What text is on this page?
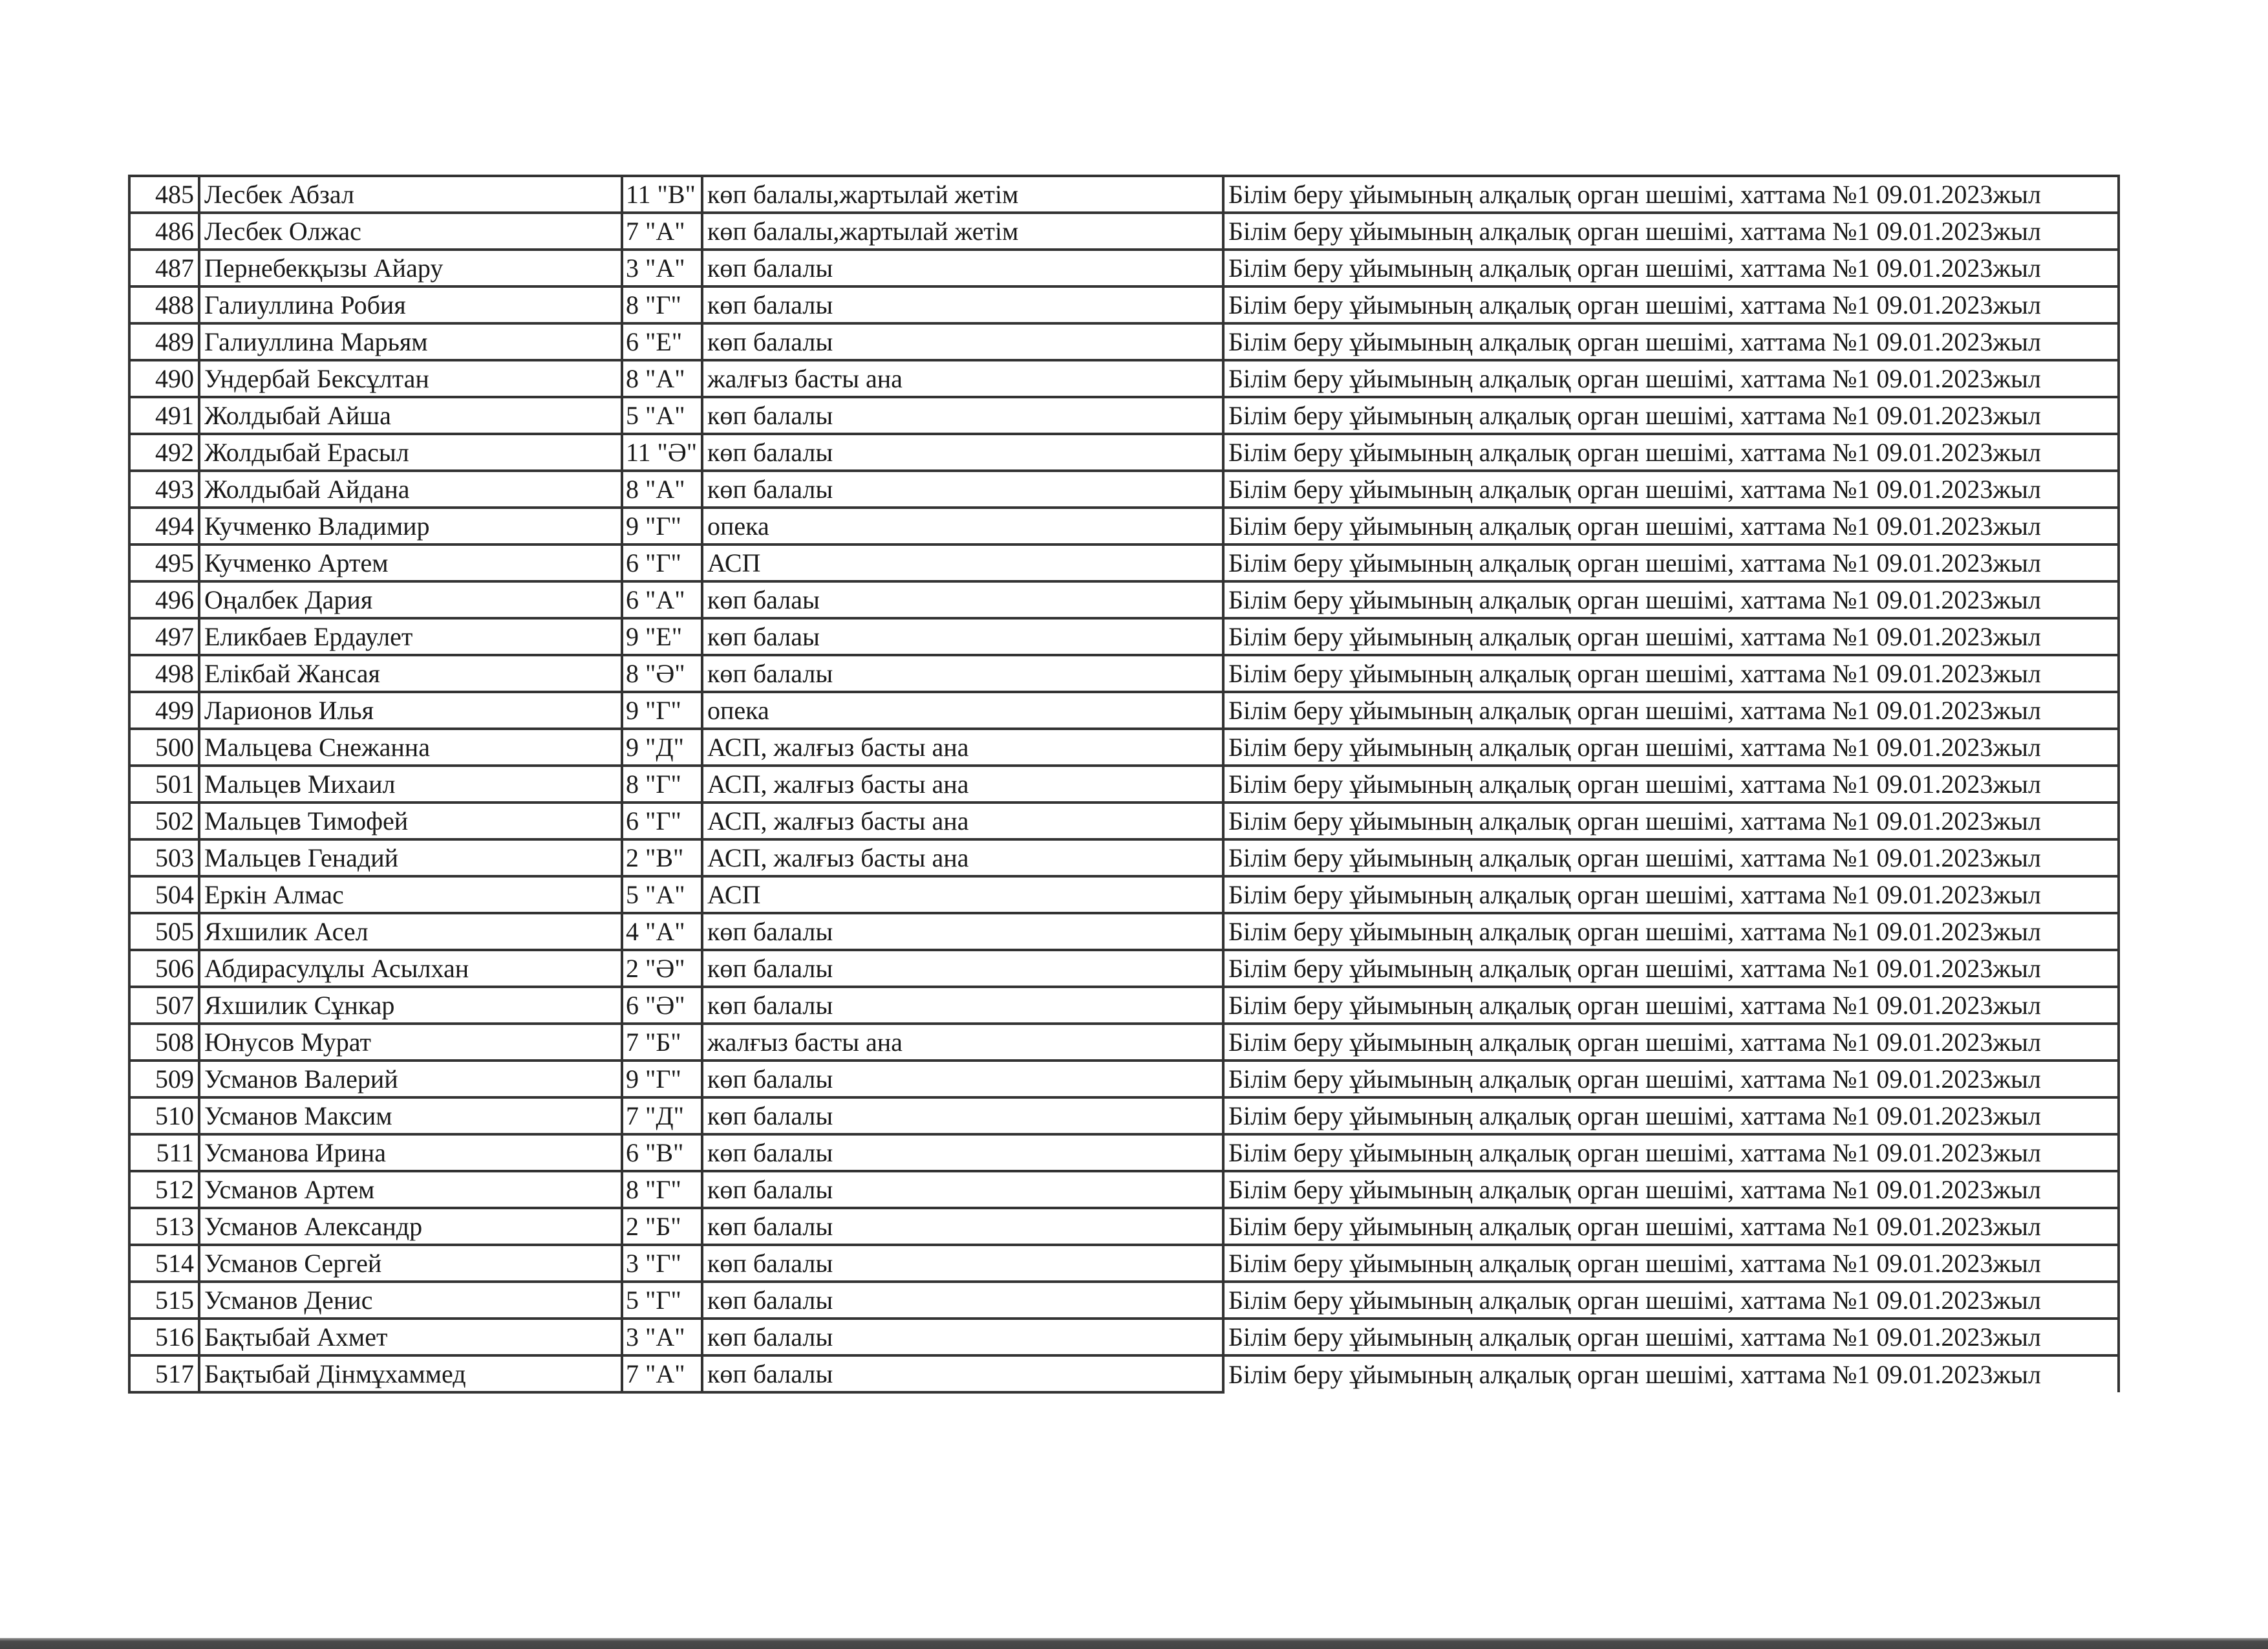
485	Лесбек Абзал	11 "В"	көп балалы,жартылай жетім	Білім беру ұйымының алқалық орган шешімі, хаттама №1 09.01.2023жыл
486	Лесбек Олжас	7 "А"	көп балалы,жартылай жетім	Білім беру ұйымының алқалық орган шешімі, хаттама №1 09.01.2023жыл
487	Пернебекқызы Айару	3 "А"	көп балалы	Білім беру ұйымының алқалық орган шешімі, хаттама №1 09.01.2023жыл
488	Галиуллина Робия	8 "Г"	көп балалы	Білім беру ұйымының алқалық орган шешімі, хаттама №1 09.01.2023жыл
489	Галиуллина Марьям	6 "Е"	көп балалы	Білім беру ұйымының алқалық орган шешімі, хаттама №1 09.01.2023жыл
490	Ундербай Бексұлтан	8 "А"	жалғыз басты ана	Білім беру ұйымының алқалық орган шешімі, хаттама №1 09.01.2023жыл
491	Жолдыбай Айша	5 "А"	көп балалы	Білім беру ұйымының алқалық орган шешімі, хаттама №1 09.01.2023жыл
492	Жолдыбай Ерасыл	11 "Ә"	көп балалы	Білім беру ұйымының алқалық орган шешімі, хаттама №1 09.01.2023жыл
493	Жолдыбай Айдана	8 "А"	көп балалы	Білім беру ұйымының алқалық орган шешімі, хаттама №1 09.01.2023жыл
494	Кучменко Владимир	9 "Г"	опека	Білім беру ұйымының алқалық орган шешімі, хаттама №1 09.01.2023жыл
495	Кучменко Артем	6 "Г"	АСП	Білім беру ұйымының алқалық орган шешімі, хаттама №1 09.01.2023жыл
496	Оңалбек Дария	6 "А"	көп балаы	Білім беру ұйымының алқалық орган шешімі, хаттама №1 09.01.2023жыл
497	Еликбаев Ердаулет	9 "Е"	көп балаы	Білім беру ұйымының алқалық орган шешімі, хаттама №1 09.01.2023жыл
498	Елікбай Жансая	8 "Ә"	көп балалы	Білім беру ұйымының алқалық орган шешімі, хаттама №1 09.01.2023жыл
499	Ларионов Илья	9 "Г"	опека	Білім беру ұйымының алқалық орган шешімі, хаттама №1 09.01.2023жыл
500	Мальцева Снежанна	9 "Д"	АСП, жалғыз басты ана	Білім беру ұйымының алқалық орган шешімі, хаттама №1 09.01.2023жыл
501	Мальцев Михаил	8 "Г"	АСП, жалғыз басты ана	Білім беру ұйымының алқалық орган шешімі, хаттама №1 09.01.2023жыл
502	Мальцев Тимофей	6 "Г"	АСП, жалғыз басты ана	Білім беру ұйымының алқалық орган шешімі, хаттама №1 09.01.2023жыл
503	Мальцев Генадий	2 "В"	АСП, жалғыз басты ана	Білім беру ұйымының алқалық орган шешімі, хаттама №1 09.01.2023жыл
504	Еркін Алмас	5 "А"	АСП	Білім беру ұйымының алқалық орган шешімі, хаттама №1 09.01.2023жыл
505	Яхшилик Асел	4 "А"	көп балалы	Білім беру ұйымының алқалық орган шешімі, хаттама №1 09.01.2023жыл
506	Абдирасулұлы Асылхан	2 "Ә"	көп балалы	Білім беру ұйымының алқалық орган шешімі, хаттама №1 09.01.2023жыл
507	Яхшилик Сұнкар	6 "Ә"	көп балалы	Білім беру ұйымының алқалық орган шешімі, хаттама №1 09.01.2023жыл
508	Юнусов Мурат	7 "Б"	жалғыз басты ана	Білім беру ұйымының алқалық орган шешімі, хаттама №1 09.01.2023жыл
509	Усманов Валерий	9 "Г"	көп балалы	Білім беру ұйымының алқалық орган шешімі, хаттама №1 09.01.2023жыл
510	Усманов Максим	7 "Д"	көп балалы	Білім беру ұйымының алқалық орган шешімі, хаттама №1 09.01.2023жыл
511	Усманова Ирина	6 "В"	көп балалы	Білім беру ұйымының алқалық орган шешімі, хаттама №1 09.01.2023жыл
512	Усманов Артем	8 "Г"	көп балалы	Білім беру ұйымының алқалық орган шешімі, хаттама №1 09.01.2023жыл
513	Усманов Александр	2 "Б"	көп балалы	Білім беру ұйымының алқалық орган шешімі, хаттама №1 09.01.2023жыл
514	Усманов Сергей	3 "Г"	көп балалы	Білім беру ұйымының алқалық орган шешімі, хаттама №1 09.01.2023жыл
515	Усманов Денис	5 "Г"	көп балалы	Білім беру ұйымының алқалық орган шешімі, хаттама №1 09.01.2023жыл
516	Бақтыбай Ахмет	3 "А"	көп балалы	Білім беру ұйымының алқалық орган шешімі, хаттама №1 09.01.2023жыл
517	Бақтыбай Дінмұхаммед	7 "А"	көп балалы	Білім беру ұйымының алқалық орган шешімі, хаттама №1 09.01.2023жыл
